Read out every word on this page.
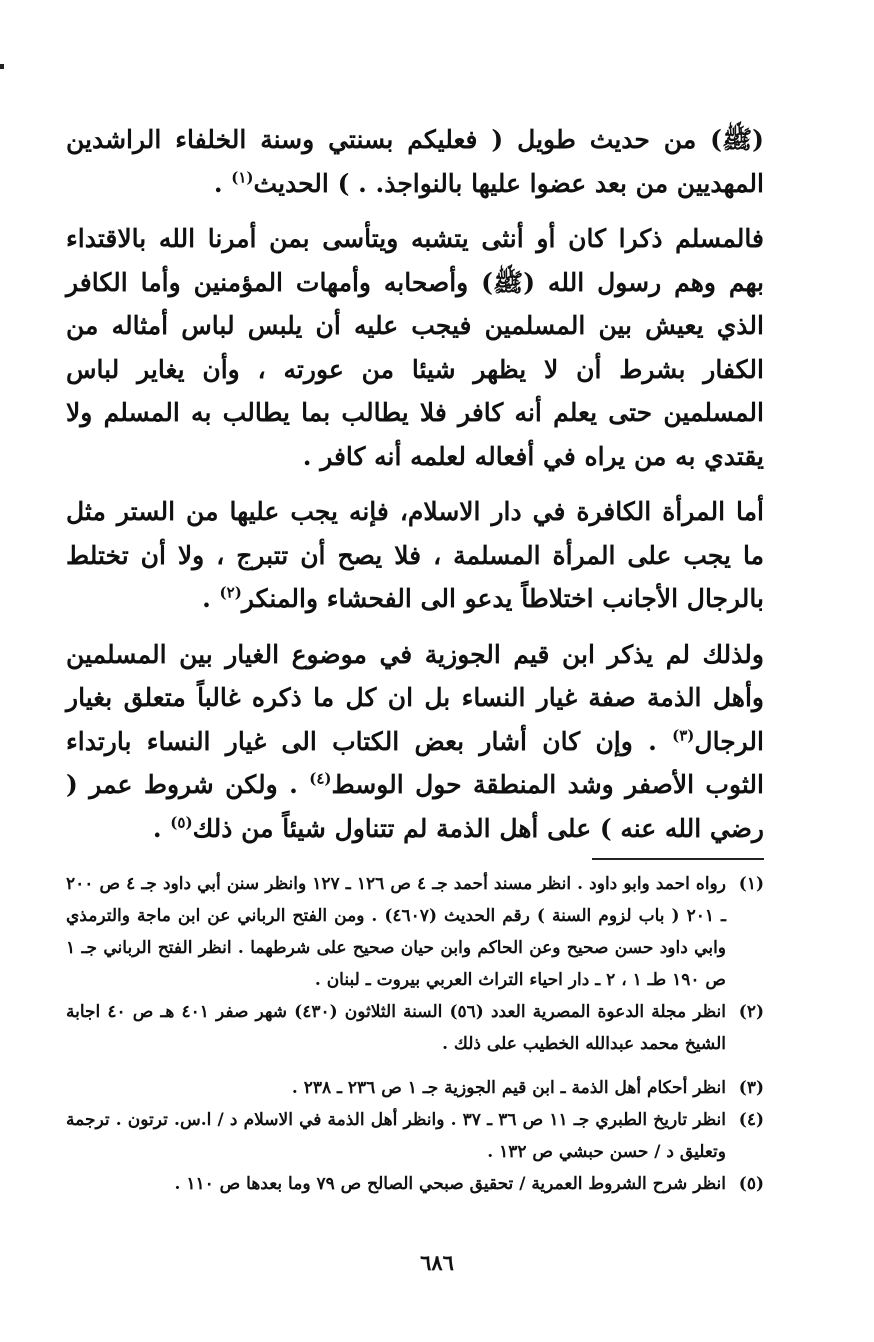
(ﷺ) من حديث طويل ( فعليكم بسنتي وسنة الخلفاء الراشدين المهديين من بعد عضوا عليها بالنواجذ. . ) الحديث$^{(١)}$ .

فالمسلم ذكرا كان أو أنثى يتشبه ويتأسى بمن أمرنا الله بالاقتداء بهم وهم رسول الله (ﷺ) وأصحابه وأمهات المؤمنين وأما الكافر الذي يعيش بين المسلمين فيجب عليه أن يلبس لباس أمثاله من الكفار بشرط أن لا يظهر شيئا من عورته ، وأن يغاير لباس المسلمين حتى يعلم أنه كافر فلا يطالب بما يطالب به المسلم ولا يقتدي به من يراه في أفعاله لعلمه أنه كافر .

أما المرأة الكافرة في دار الاسلام، فإنه يجب عليها من الستر مثل ما يجب على المرأة المسلمة ، فلا يصح أن تتبرج ، ولا أن تختلط بالرجال الأجانب اختلاطاً يدعو الى الفحشاء والمنكر$^{(٢)}$ .

ولذلك لم يذكر ابن قيم الجوزية في موضوع الغيار بين المسلمين وأهل الذمة صفة غيار النساء بل ان كل ما ذكره غالباً متعلق بغيار الرجال$^{(٣)}$ . وإن كان أشار بعض الكتاب الى غيار النساء بارتداء الثوب الأصفر وشد المنطقة حول الوسط$^{(٤)}$ . ولكن شروط عمر ( رضي الله عنه ) على أهل الذمة لم تتناول شيئاً من ذلك$^{(٥)}$ .

(١)
رواه احمد وابو داود . انظر مسند أحمد جـ ٤ ص ١٢٦ ـ ١٢٧ وانظر سنن أبي داود جـ ٤ ص ٢٠٠ ـ ٢٠١ ( باب لزوم السنة ) رقم الحديث (٤٦٠٧) . ومن الفتح الرباني عن ابن ماجة والترمذي وابي داود حسن صحيح وعن الحاكم وابن حيان صحيح على شرطهما . انظر الفتح الرباني جـ ١ ص ١٩٠ طـ ١ ، ٢ ـ دار احياء التراث العربي بيروت ـ لبنان .
(٢)
انظر مجلة الدعوة المصرية العدد (٥٦) السنة الثلاثون (٤٣٠) شهر صفر ٤٠١ هـ ص ٤٠ اجابة الشيخ محمد عبدالله الخطيب على ذلك .
(٣)
انظر أحكام أهل الذمة ـ ابن قيم الجوزية جـ ١ ص ٢٣٦ ـ ٢٣٨ .
(٤)
انظر تاريخ الطبري جـ ١١ ص ٣٦ ـ ٣٧ . وانظر أهل الذمة في الاسلام د / ا.س. ترتون . ترجمة وتعليق د / حسن حبشي ص ١٣٢ .
(٥)
انظر شرح الشروط العمرية / تحقيق صبحي الصالح ص ٧٩ وما بعدها ص ١١٠ .
٦٨٦
